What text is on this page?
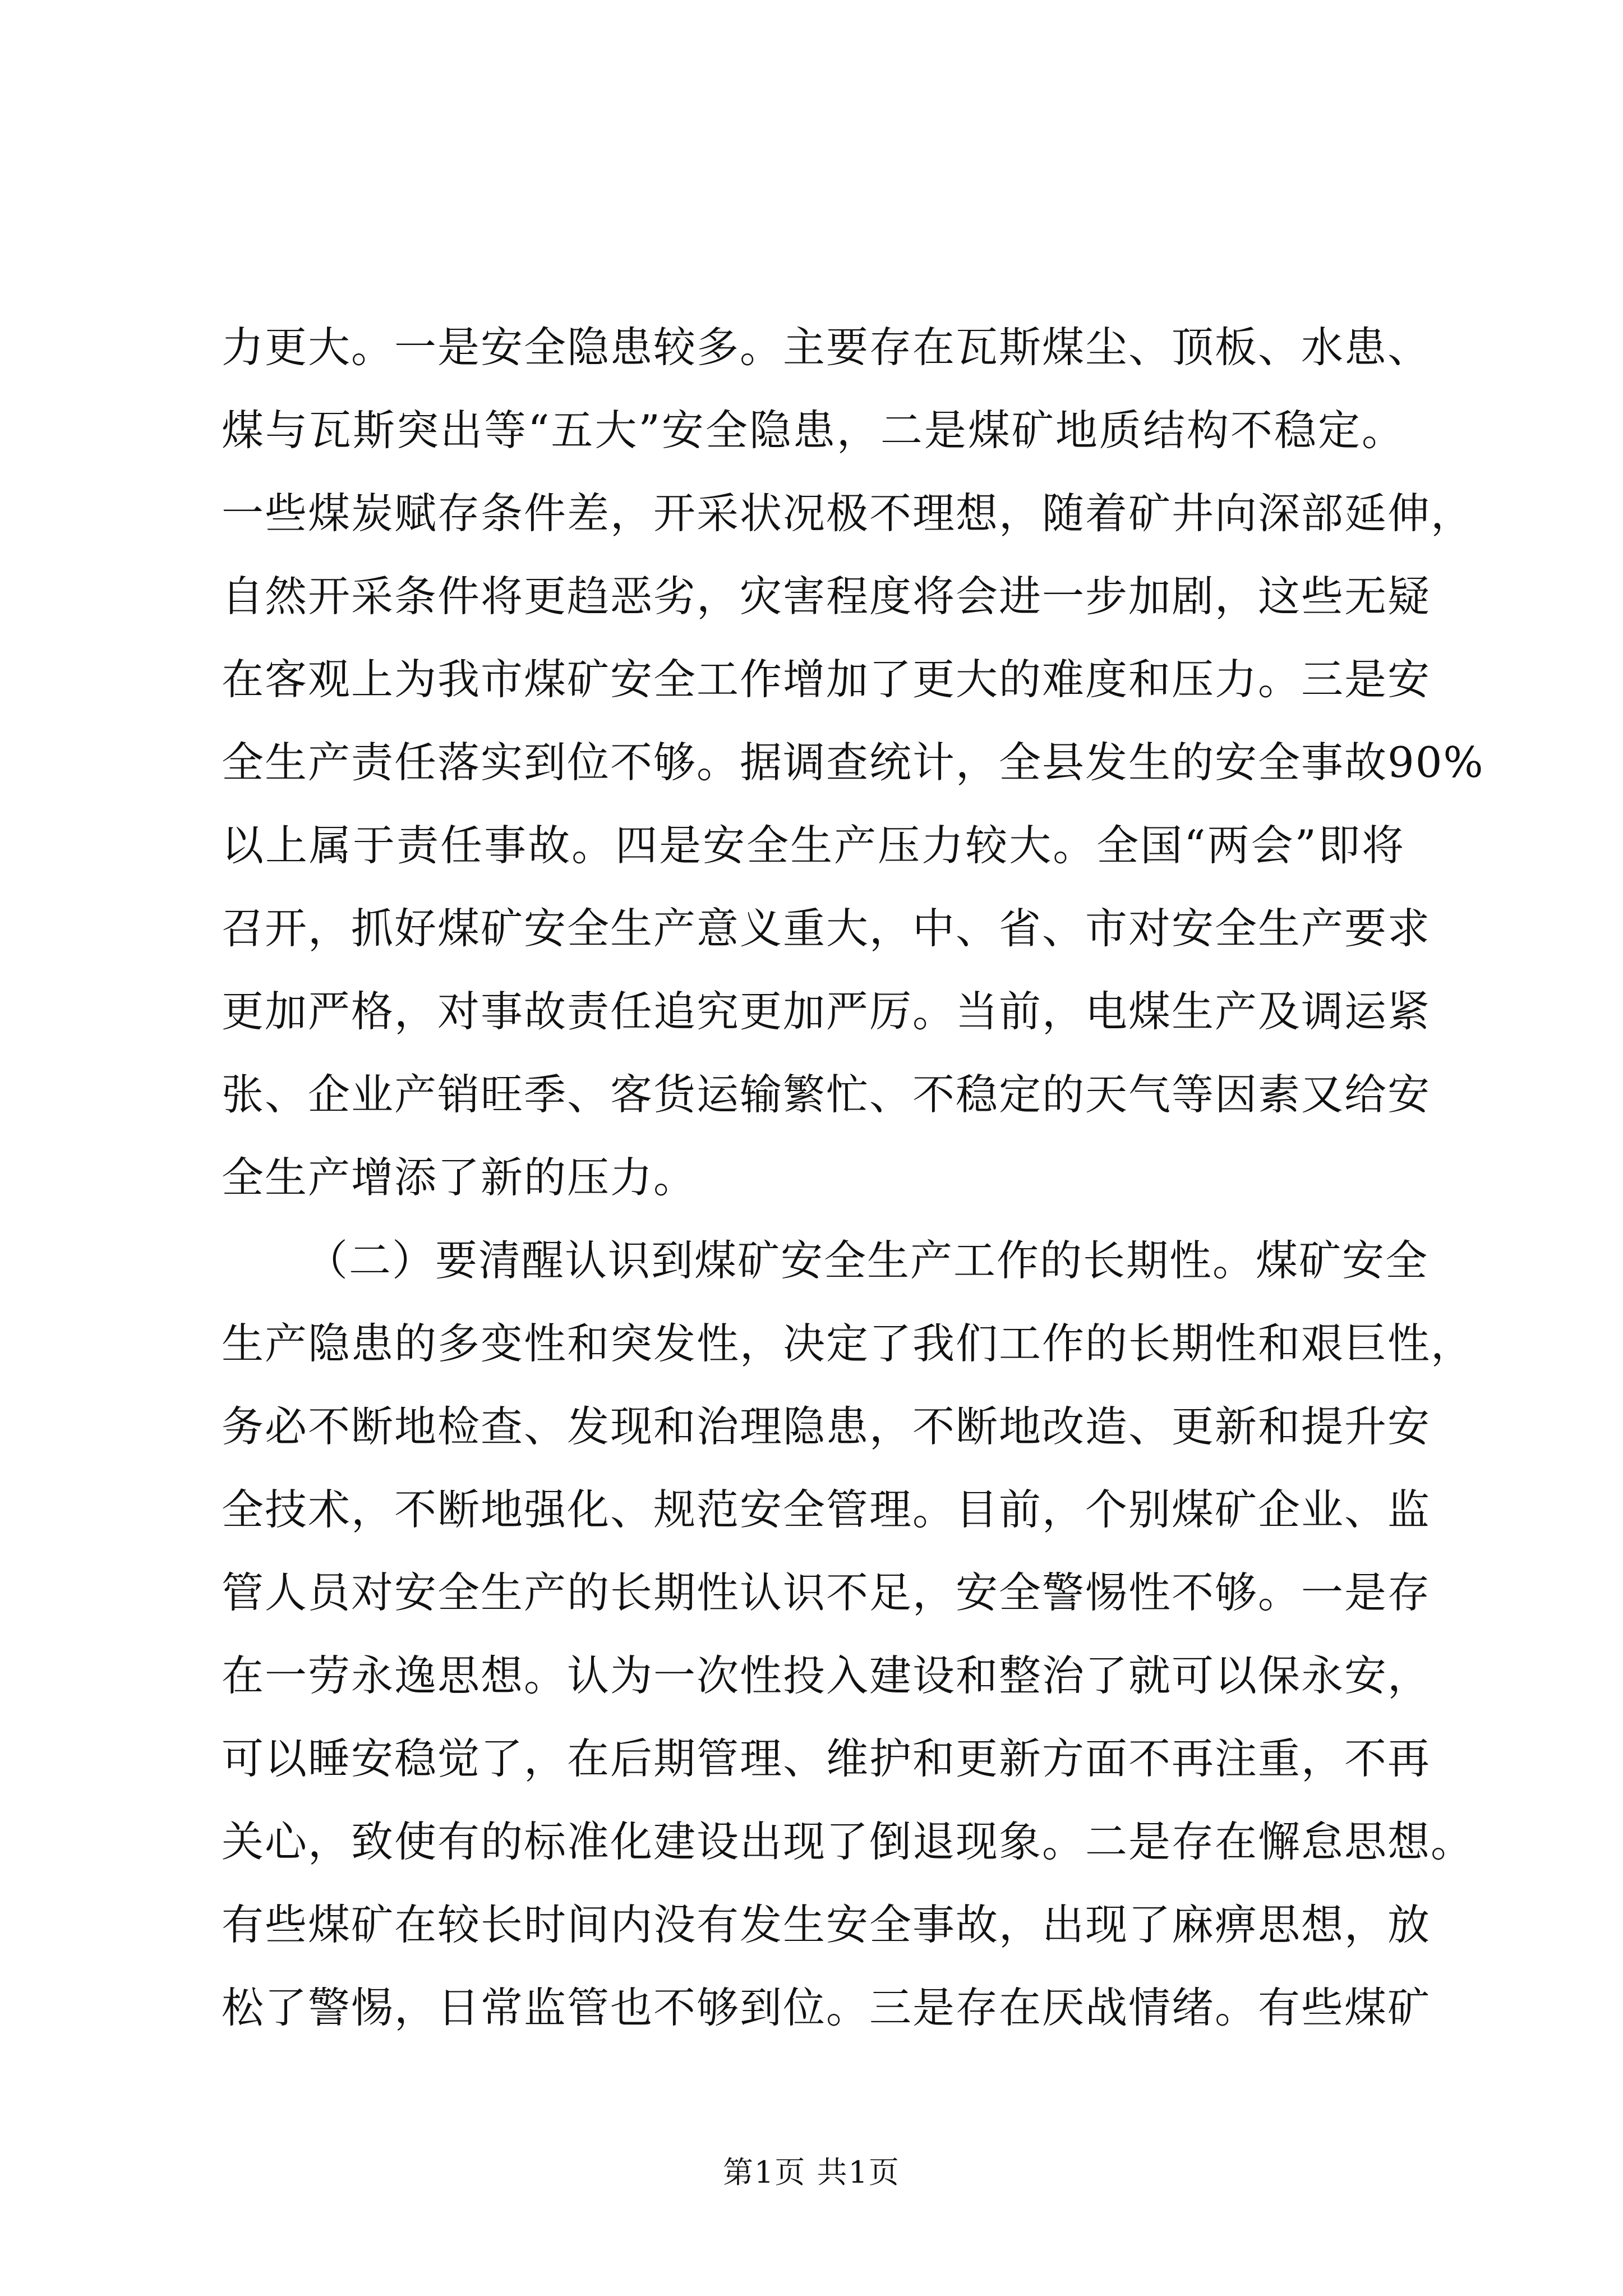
力更大。一是安全隐患较多。主要存在瓦斯煤尘、顶板、水患、
煤与瓦斯突出等“五大”安全隐患，二是煤矿地质结构不稳定。
一些煤炭赋存条件差，开采状况极不理想，随着矿井向深部延伸，
自然开采条件将更趋恶劣，灾害程度将会进一步加剧，这些无疑
在客观上为我市煤矿安全工作增加了更大的难度和压力。三是安
全生产责任落实到位不够。据调查统计，全县发生的安全事故90%
以上属于责任事故。四是安全生产压力较大。全国“两会”即将
召开，抓好煤矿安全生产意义重大，中、省、市对安全生产要求
更加严格，对事故责任追究更加严厉。当前，电煤生产及调运紧
张、企业产销旺季、客货运输繁忙、不稳定的天气等因素又给安
全生产增添了新的压力。
（二）要清醒认识到煤矿安全生产工作的长期性。煤矿安全
生产隐患的多变性和突发性，决定了我们工作的长期性和艰巨性，
务必不断地检查、发现和治理隐患，不断地改造、更新和提升安
全技术，不断地强化、规范安全管理。目前，个别煤矿企业、监
管人员对安全生产的长期性认识不足，安全警惕性不够。一是存
在一劳永逸思想。认为一次性投入建设和整治了就可以保永安，
可以睡安稳觉了，在后期管理、维护和更新方面不再注重，不再
关心，致使有的标准化建设出现了倒退现象。二是存在懈怠思想。
有些煤矿在较长时间内没有发生安全事故，出现了麻痹思想，放
松了警惕，日常监管也不够到位。三是存在厌战情绪。有些煤矿
第1页 共1页
